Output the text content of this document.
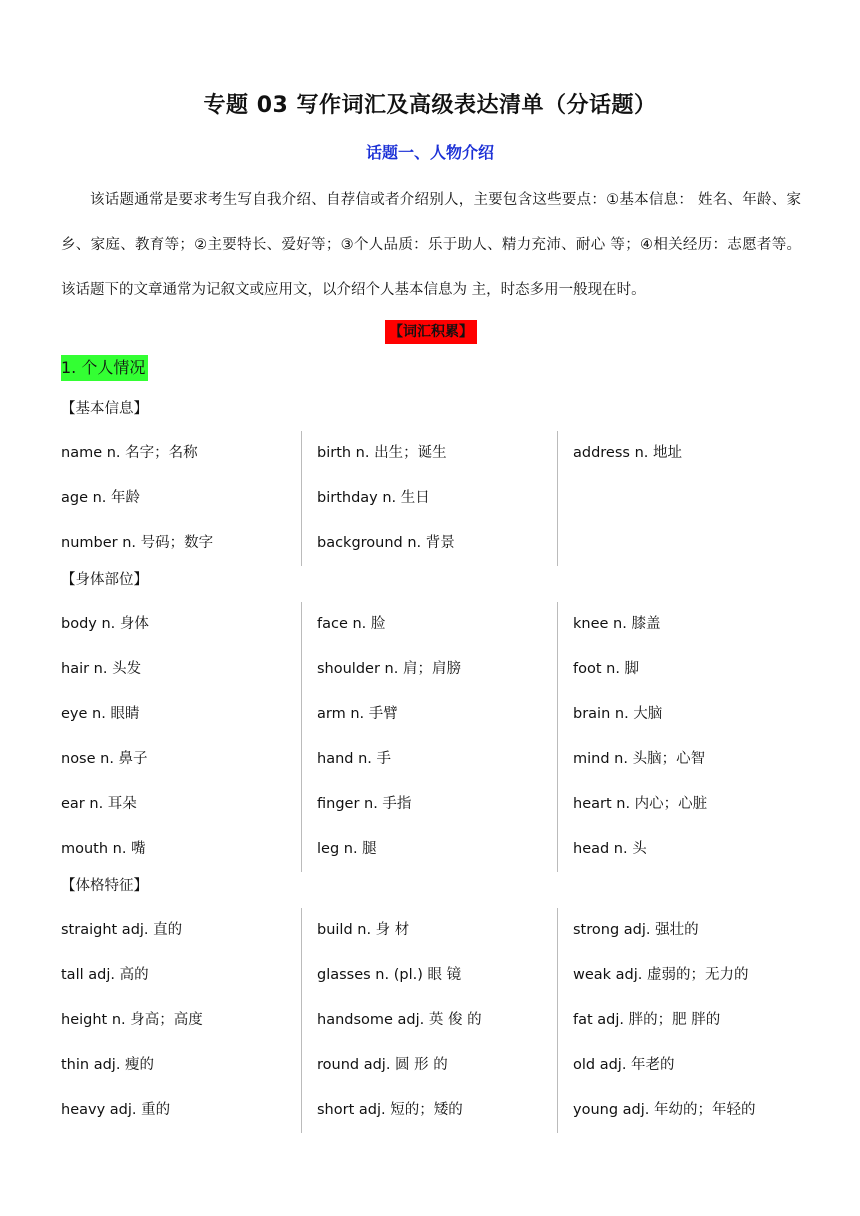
专题 03 写作词汇及高级表达清单（分话题）
话题一、人物介绍
该话题通常是要求考生写自我介绍、自荐信或者介绍别人，主要包含这些要点：①基本信息： 姓名、年龄、家乡、家庭、教育等；②主要特长、爱好等；③个人品质：乐于助人、精力充沛、耐心 等；④相关经历：志愿者等。 该话题下的文章通常为记叙文或应用文，以介绍个人基本信息为 主，时态多用一般现在时。
【词汇积累】
1. 个人情况
【基本信息】
name n. 名字；名称
age n. 年龄
number n. 号码；数字
birth n. 出生；诞生
birthday n. 生日
background n. 背景
address n. 地址
【身体部位】
body n. 身体
hair n. 头发
eye n. 眼睛
nose n. 鼻子
ear n. 耳朵
mouth n. 嘴
face n. 脸
shoulder n. 肩；肩膀
arm n. 手臂
hand n. 手
finger n. 手指
leg n. 腿
knee n. 膝盖
foot n. 脚
brain n. 大脑
mind n. 头脑；心智
heart n. 内心；心脏
head n. 头
【体格特征】
straight adj. 直的
tall adj. 高的
height n. 身高；高度
thin adj. 瘦的
heavy adj. 重的
build n. 身 材
glasses n. (pl.) 眼 镜
handsome adj. 英 俊 的
round adj. 圆 形 的
short adj. 短的；矮的
strong adj. 强壮的
weak adj. 虚弱的；无力的
fat adj. 胖的；肥 胖的
old adj. 年老的
young adj. 年幼的；年轻的
